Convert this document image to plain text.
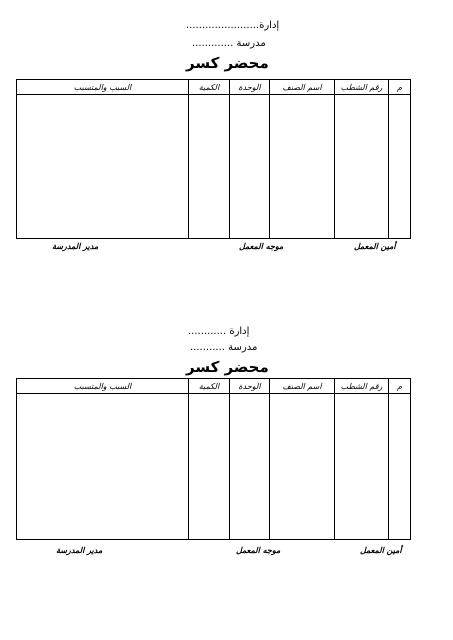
إدارة.......................
مدرسة .............
محضر كسر
م	رقم الشطب	اسم الصنف	الوحدة	الكمية	السبب والمتسبب

أمين المعمل
موجه المعمل
مدير المدرسة
إدارة ............
مدرسة ...........
محضر كسر
م	رقم الشطب	اسم الصنف	الوحدة	الكمية	السبب والمتسبب

أمين المعمل
موجه المعمل
مدير المدرسة
